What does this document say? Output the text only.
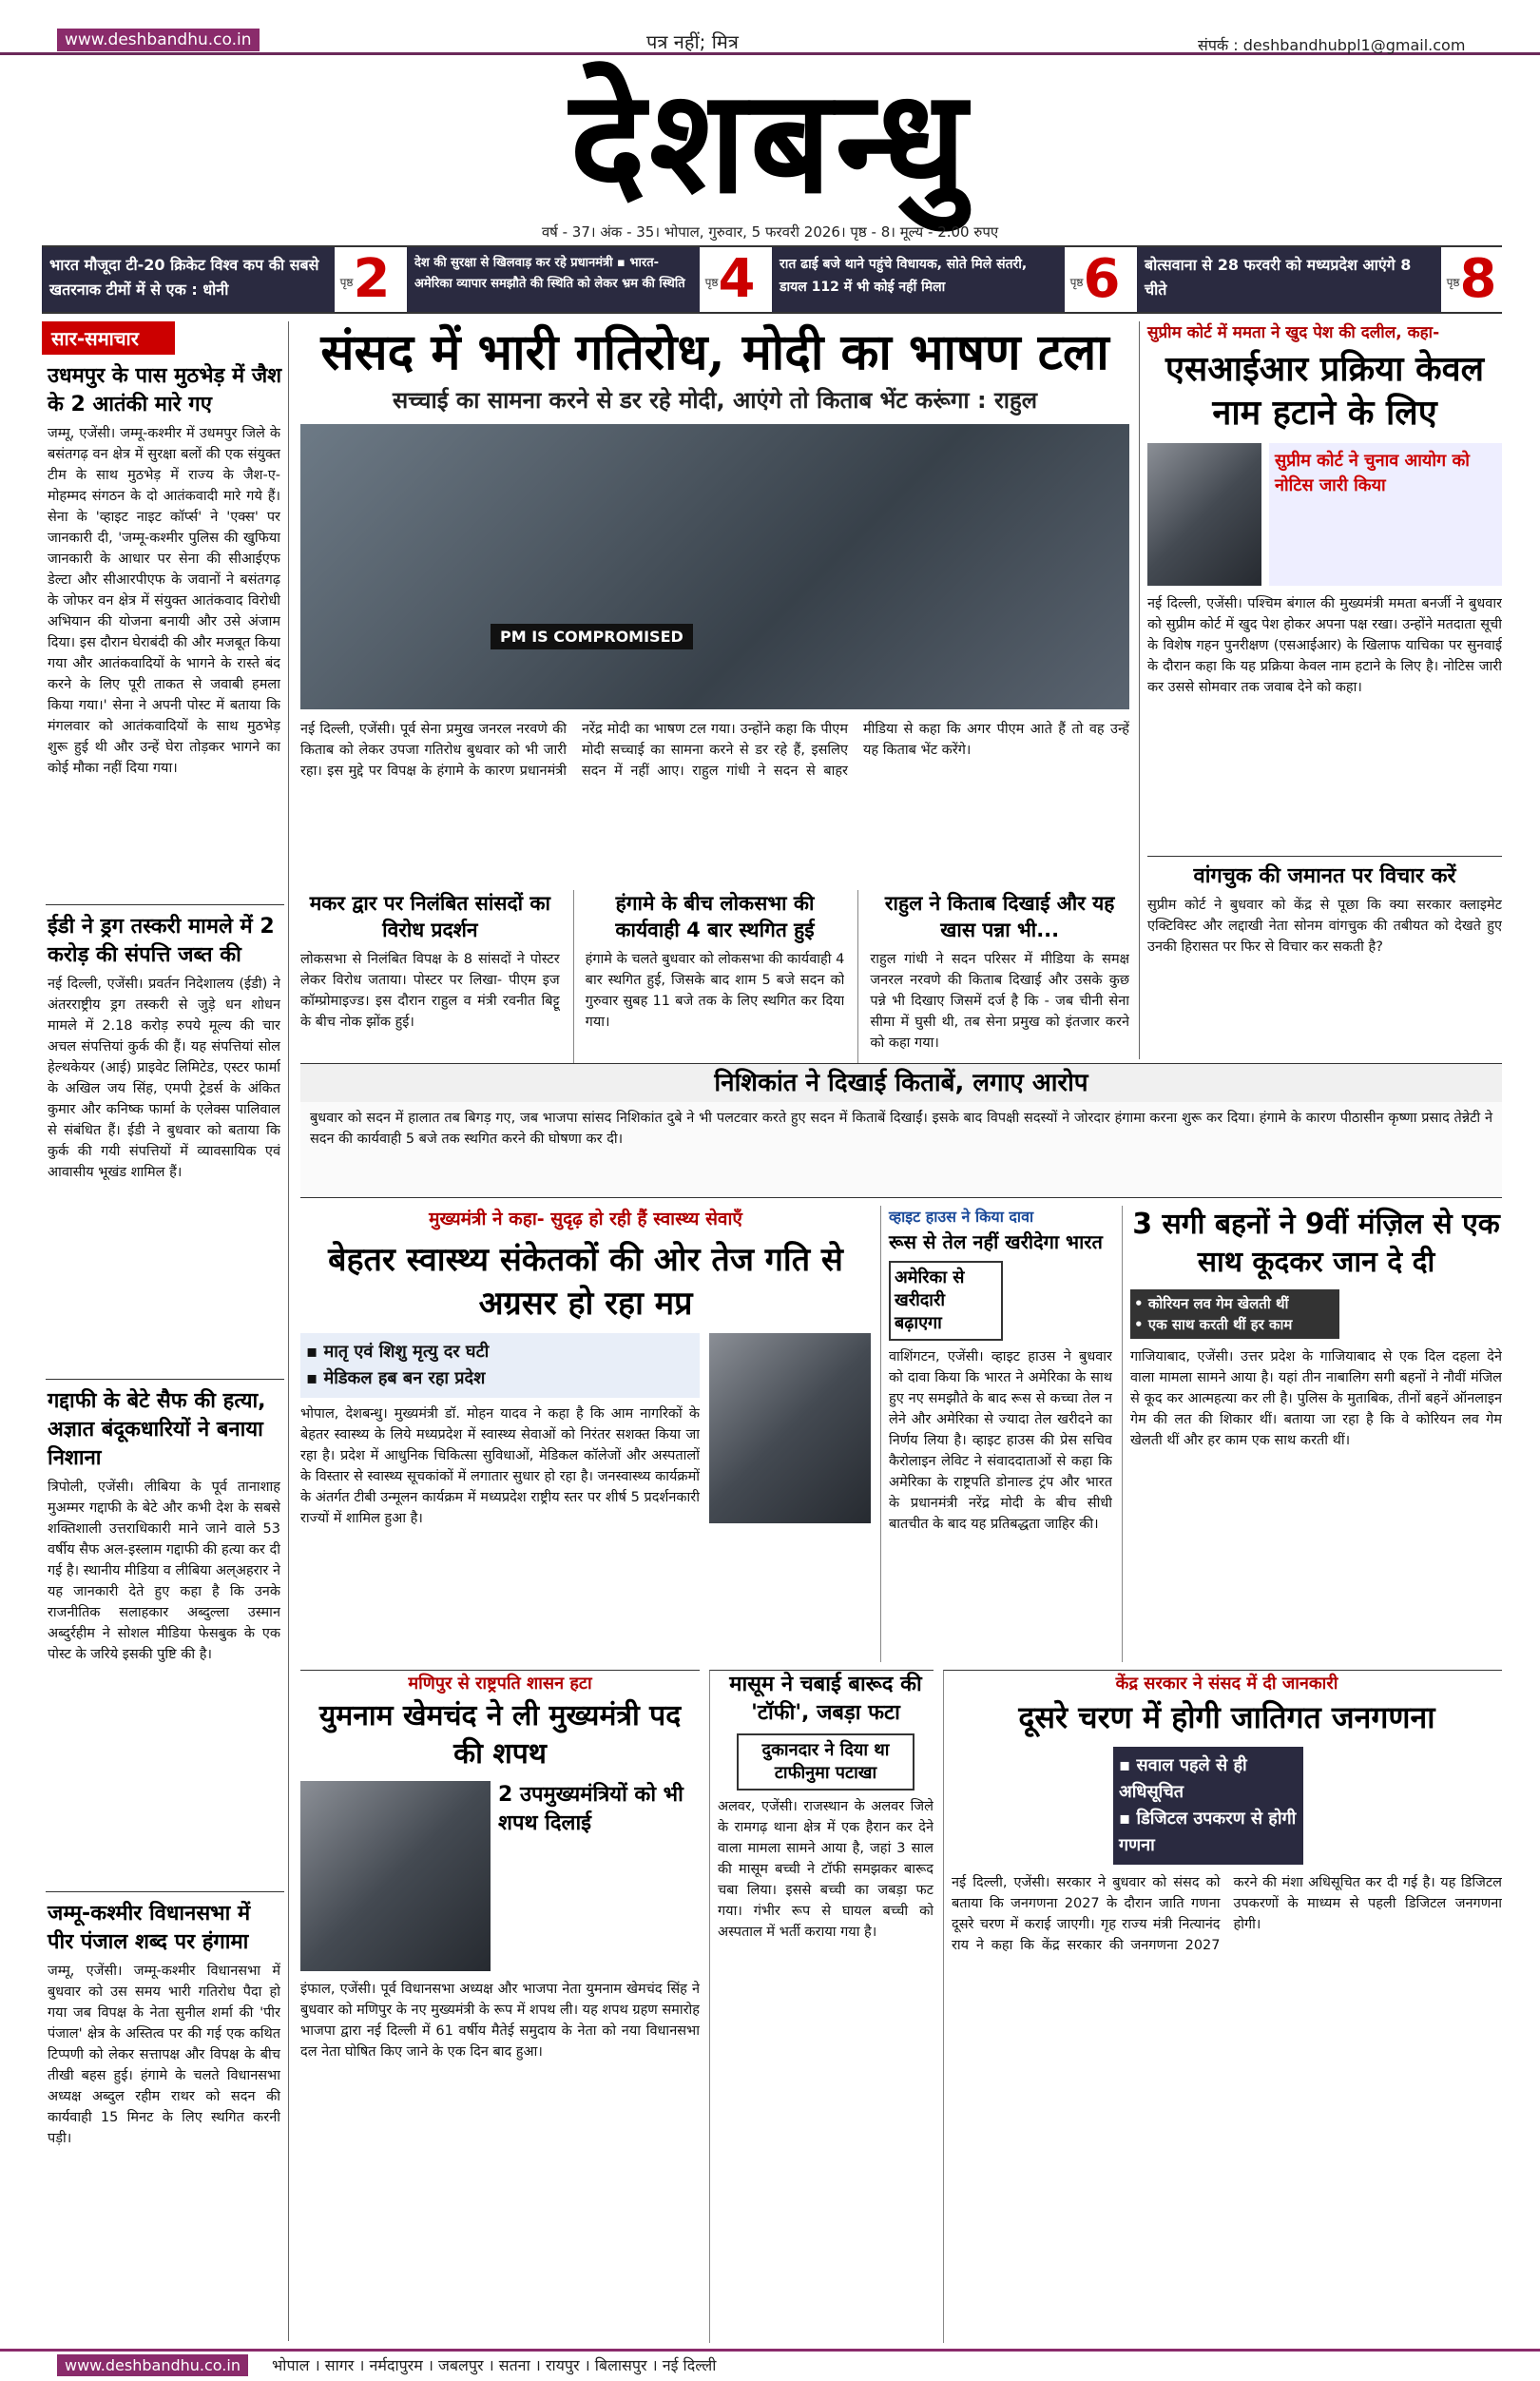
www.deshbandhu.co.in	पत्र नहीं; मित्र	संपर्क : deshbandhubpl1@gmail.com
देशबन्धु
वर्ष - 37। अंक - 35। भोपाल, गुरुवार, 5 फरवरी 2026। पृष्ठ - 8। मूल्य - 2.00 रुपए
भारत मौजूदा टी-20 क्रिकेट विश्व कप की सबसे खतरनाक टीमों में से एक : धोनी	पृष्ठ2	देश की सुरक्षा से खिलवाड़ कर रहे प्रधानमंत्री ▪ भारत-अमेरिका व्यापार समझौते की स्थिति को लेकर भ्रम की स्थिति	पृष्ठ4	रात ढाई बजे थाने पहुंचे विधायक, सोते मिले संतरी, डायल 112 में भी कोई नहीं मिला	पृष्ठ6	बोत्सवाना से 28 फरवरी को मध्यप्रदेश आएंगे 8 चीते	पृष्ठ8
सार-समाचार
उधमपुर के पास मुठभेड़ में जैश के 2 आतंकी मारे गए
जम्मू, एजेंसी। जम्मू-कश्मीर में उधमपुर जिले के बसंतगढ़ वन क्षेत्र में सुरक्षा बलों की एक संयुक्त टीम के साथ मुठभेड़ में राज्य के जैश-ए-मोहम्मद संगठन के दो आतंकवादी मारे गये हैं। सेना के 'व्हाइट नाइट कॉर्प्स' ने 'एक्स' पर जानकारी दी, 'जम्मू-कश्मीर पुलिस की खुफिया जानकारी के आधार पर सेना की सीआईएफ डेल्टा और सीआरपीएफ के जवानों ने बसंतगढ़ के जोफर वन क्षेत्र में संयुक्त आतंकवाद विरोधी अभियान की योजना बनायी और उसे अंजाम दिया। इस दौरान घेराबंदी की और मजबूत किया गया और आतंकवादियों के भागने के रास्ते बंद करने के लिए पूरी ताकत से जवाबी हमला किया गया।' सेना ने अपनी पोस्ट में बताया कि मंगलवार को आतंकवादियों के साथ मुठभेड़ शुरू हुई थी और उन्हें घेरा तोड़कर भागने का कोई मौका नहीं दिया गया।
ईडी ने ड्रग तस्करी मामले में 2 करोड़ की संपत्ति जब्त की
नई दिल्ली, एजेंसी। प्रवर्तन निदेशालय (ईडी) ने अंतरराष्ट्रीय ड्रग तस्करी से जुड़े धन शोधन मामले में 2.18 करोड़ रुपये मूल्य की चार अचल संपत्तियां कुर्क की हैं। यह संपत्तियां सोल हेल्थकेयर (आई) प्राइवेट लिमिटेड, एस्टर फार्मा के अखिल जय सिंह, एमपी ट्रेडर्स के अंकित कुमार और कनिष्क फार्मा के एलेक्स पालिवाल से संबंधित हैं। ईडी ने बुधवार को बताया कि कुर्क की गयी संपत्तियों में व्यावसायिक एवं आवासीय भूखंड शामिल हैं।
गद्दाफी के बेटे सैफ की हत्या, अज्ञात बंदूकधारियों ने बनाया निशाना
त्रिपोली, एजेंसी। लीबिया के पूर्व तानाशाह मुअम्मर गद्दाफी के बेटे और कभी देश के सबसे शक्तिशाली उत्तराधिकारी माने जाने वाले 53 वर्षीय सैफ अल-इस्लाम गद्दाफी की हत्या कर दी गई है। स्थानीय मीडिया व लीबिया अल्अहरार ने यह जानकारी देते हुए कहा है कि उनके राजनीतिक सलाहकार अब्दुल्ला उस्मान अब्दुर्रहीम ने सोशल मीडिया फेसबुक के एक पोस्ट के जरिये इसकी पुष्टि की है।
जम्मू-कश्मीर विधानसभा में पीर पंजाल शब्द पर हंगामा
जम्मू, एजेंसी। जम्मू-कश्मीर विधानसभा में बुधवार को उस समय भारी गतिरोध पैदा हो गया जब विपक्ष के नेता सुनील शर्मा की 'पीर पंजाल' क्षेत्र के अस्तित्व पर की गई एक कथित टिप्पणी को लेकर सत्तापक्ष और विपक्ष के बीच तीखी बहस हुई। हंगामे के चलते विधानसभा अध्यक्ष अब्दुल रहीम राथर को सदन की कार्यवाही 15 मिनट के लिए स्थगित करनी पड़ी।
संसद में भारी गतिरोध, मोदी का भाषण टला
सच्चाई का सामना करने से डर रहे मोदी, आएंगे तो किताब भेंट करूंगा : राहुल
PM IS COMPROMISED
नई दिल्ली, एजेंसी। पूर्व सेना प्रमुख जनरल नरवणे की किताब को लेकर उपजा गतिरोध बुधवार को भी जारी रहा। इस मुद्दे पर विपक्ष के हंगामे के कारण प्रधानमंत्री नरेंद्र मोदी का भाषण टल गया। उन्होंने कहा कि पीएम मोदी सच्चाई का सामना करने से डर रहे हैं, इसलिए सदन में नहीं आए। राहुल गांधी ने सदन से बाहर मीडिया से कहा कि अगर पीएम आते हैं तो वह उन्हें यह किताब भेंट करेंगे।
मकर द्वार पर निलंबित सांसदों का विरोध प्रदर्शन
लोकसभा से निलंबित विपक्ष के 8 सांसदों ने पोस्टर लेकर विरोध जताया। पोस्टर पर लिखा- पीएम इज कॉम्प्रोमाइज्ड। इस दौरान राहुल व मंत्री रवनीत बिट्टू के बीच नोक झोंक हुई।
हंगामे के बीच लोकसभा की कार्यवाही 4 बार स्थगित हुई
हंगामे के चलते बुधवार को लोकसभा की कार्यवाही 4 बार स्थगित हुई, जिसके बाद शाम 5 बजे सदन को गुरुवार सुबह 11 बजे तक के लिए स्थगित कर दिया गया।
राहुल ने किताब दिखाई और यह खास पन्ना भी...
राहुल गांधी ने सदन परिसर में मीडिया के समक्ष जनरल नरवणे की किताब दिखाई और उसके कुछ पन्ने भी दिखाए जिसमें दर्ज है कि - जब चीनी सेना सीमा में घुसी थी, तब सेना प्रमुख को इंतजार करने को कहा गया।
निशिकांत ने दिखाई किताबें, लगाए आरोप
बुधवार को सदन में हालात तब बिगड़ गए, जब भाजपा सांसद निशिकांत दुबे ने भी पलटवार करते हुए सदन में किताबें दिखाईं। इसके बाद विपक्षी सदस्यों ने जोरदार हंगामा करना शुरू कर दिया। हंगामे के कारण पीठासीन कृष्णा प्रसाद तेन्नेटी ने सदन की कार्यवाही 5 बजे तक स्थगित करने की घोषणा कर दी।
सुप्रीम कोर्ट में ममता ने खुद पेश की दलील, कहा-
एसआईआर प्रक्रिया केवल नाम हटाने के लिए
सुप्रीम कोर्ट ने चुनाव आयोग को नोटिस जारी किया
नई दिल्ली, एजेंसी। पश्चिम बंगाल की मुख्यमंत्री ममता बनर्जी ने बुधवार को सुप्रीम कोर्ट में खुद पेश होकर अपना पक्ष रखा। उन्होंने मतदाता सूची के विशेष गहन पुनरीक्षण (एसआईआर) के खिलाफ याचिका पर सुनवाई के दौरान कहा कि यह प्रक्रिया केवल नाम हटाने के लिए है। नोटिस जारी कर उससे सोमवार तक जवाब देने को कहा।
वांगचुक की जमानत पर विचार करें
सुप्रीम कोर्ट ने बुधवार को केंद्र से पूछा कि क्या सरकार क्लाइमेट एक्टिविस्ट और लद्दाखी नेता सोनम वांगचुक की तबीयत को देखते हुए उनकी हिरासत पर फिर से विचार कर सकती है?
मुख्यमंत्री ने कहा- सुदृढ़ हो रही हैं स्वास्थ्य सेवाएँ
बेहतर स्वास्थ्य संकेतकों की ओर तेज गति से अग्रसर हो रहा मप्र
▪ मातृ एवं शिशु मृत्यु दर घटी
▪ मेडिकल हब बन रहा प्रदेश
भोपाल, देशबन्धु। मुख्यमंत्री डॉ. मोहन यादव ने कहा है कि आम नागरिकों के बेहतर स्वास्थ्य के लिये मध्यप्रदेश में स्वास्थ्य सेवाओं को निरंतर सशक्त किया जा रहा है। प्रदेश में आधुनिक चिकित्सा सुविधाओं, मेडिकल कॉलेजों और अस्पतालों के विस्तार से स्वास्थ्य सूचकांकों में लगातार सुधार हो रहा है। जनस्वास्थ्य कार्यक्रमों के अंतर्गत टीबी उन्मूलन कार्यक्रम में मध्यप्रदेश राष्ट्रीय स्तर पर शीर्ष 5 प्रदर्शनकारी राज्यों में शामिल हुआ है।
व्हाइट हाउस ने किया दावा
रूस से तेल नहीं खरीदेगा भारत
अमेरिका से खरीदारी बढ़ाएगा
वाशिंगटन, एजेंसी। व्हाइट हाउस ने बुधवार को दावा किया कि भारत ने अमेरिका के साथ हुए नए समझौते के बाद रूस से कच्चा तेल न लेने और अमेरिका से ज्यादा तेल खरीदने का निर्णय लिया है। व्हाइट हाउस की प्रेस सचिव कैरोलाइन लेविट ने संवाददाताओं से कहा कि अमेरिका के राष्ट्रपति डोनाल्ड ट्रंप और भारत के प्रधानमंत्री नरेंद्र मोदी के बीच सीधी बातचीत के बाद यह प्रतिबद्धता जाहिर की।
3 सगी बहनों ने 9वीं मंज़िल से एक साथ कूदकर जान दे दी
• कोरियन लव गेम खेलती थीं
• एक साथ करती थीं हर काम
गाजियाबाद, एजेंसी। उत्तर प्रदेश के गाजियाबाद से एक दिल दहला देने वाला मामला सामने आया है। यहां तीन नाबालिग सगी बहनों ने नौवीं मंजिल से कूद कर आत्महत्या कर ली है। पुलिस के मुताबिक, तीनों बहनें ऑनलाइन गेम की लत की शिकार थीं। बताया जा रहा है कि वे कोरियन लव गेम खेलती थीं और हर काम एक साथ करती थीं।
मणिपुर से राष्ट्रपति शासन हटा
युमनाम खेमचंद ने ली मुख्यमंत्री पद की शपथ
2 उपमुख्यमंत्रियों को भी शपथ दिलाई
इंफाल, एजेंसी। पूर्व विधानसभा अध्यक्ष और भाजपा नेता युमनाम खेमचंद सिंह ने बुधवार को मणिपुर के नए मुख्यमंत्री के रूप में शपथ ली। यह शपथ ग्रहण समारोह भाजपा द्वारा नई दिल्ली में 61 वर्षीय मैतेई समुदाय के नेता को नया विधानसभा दल नेता घोषित किए जाने के एक दिन बाद हुआ।
मासूम ने चबाई बारूद की 'टॉफी', जबड़ा फटा
दुकानदार ने दिया था टाफीनुमा पटाखा
अलवर, एजेंसी। राजस्थान के अलवर जिले के रामगढ़ थाना क्षेत्र में एक हैरान कर देने वाला मामला सामने आया है, जहां 3 साल की मासूम बच्ची ने टॉफी समझकर बारूद चबा लिया। इससे बच्ची का जबड़ा फट गया। गंभीर रूप से घायल बच्ची को अस्पताल में भर्ती कराया गया है।
केंद्र सरकार ने संसद में दी जानकारी
दूसरे चरण में होगी जातिगत जनगणना
▪ सवाल पहले से ही अधिसूचित
▪ डिजिटल उपकरण से होगी गणना
नई दिल्ली, एजेंसी। सरकार ने बुधवार को संसद को बताया कि जनगणना 2027 के दौरान जाति गणना दूसरे चरण में कराई जाएगी। गृह राज्य मंत्री नित्यानंद राय ने कहा कि केंद्र सरकार की जनगणना 2027 करने की मंशा अधिसूचित कर दी गई है। यह डिजिटल उपकरणों के माध्यम से पहली डिजिटल जनगणना होगी।
www.deshbandhu.co.in भोपाल । सागर । नर्मदापुरम । जबलपुर । सतना । रायपुर । बिलासपुर । नई दिल्ली
